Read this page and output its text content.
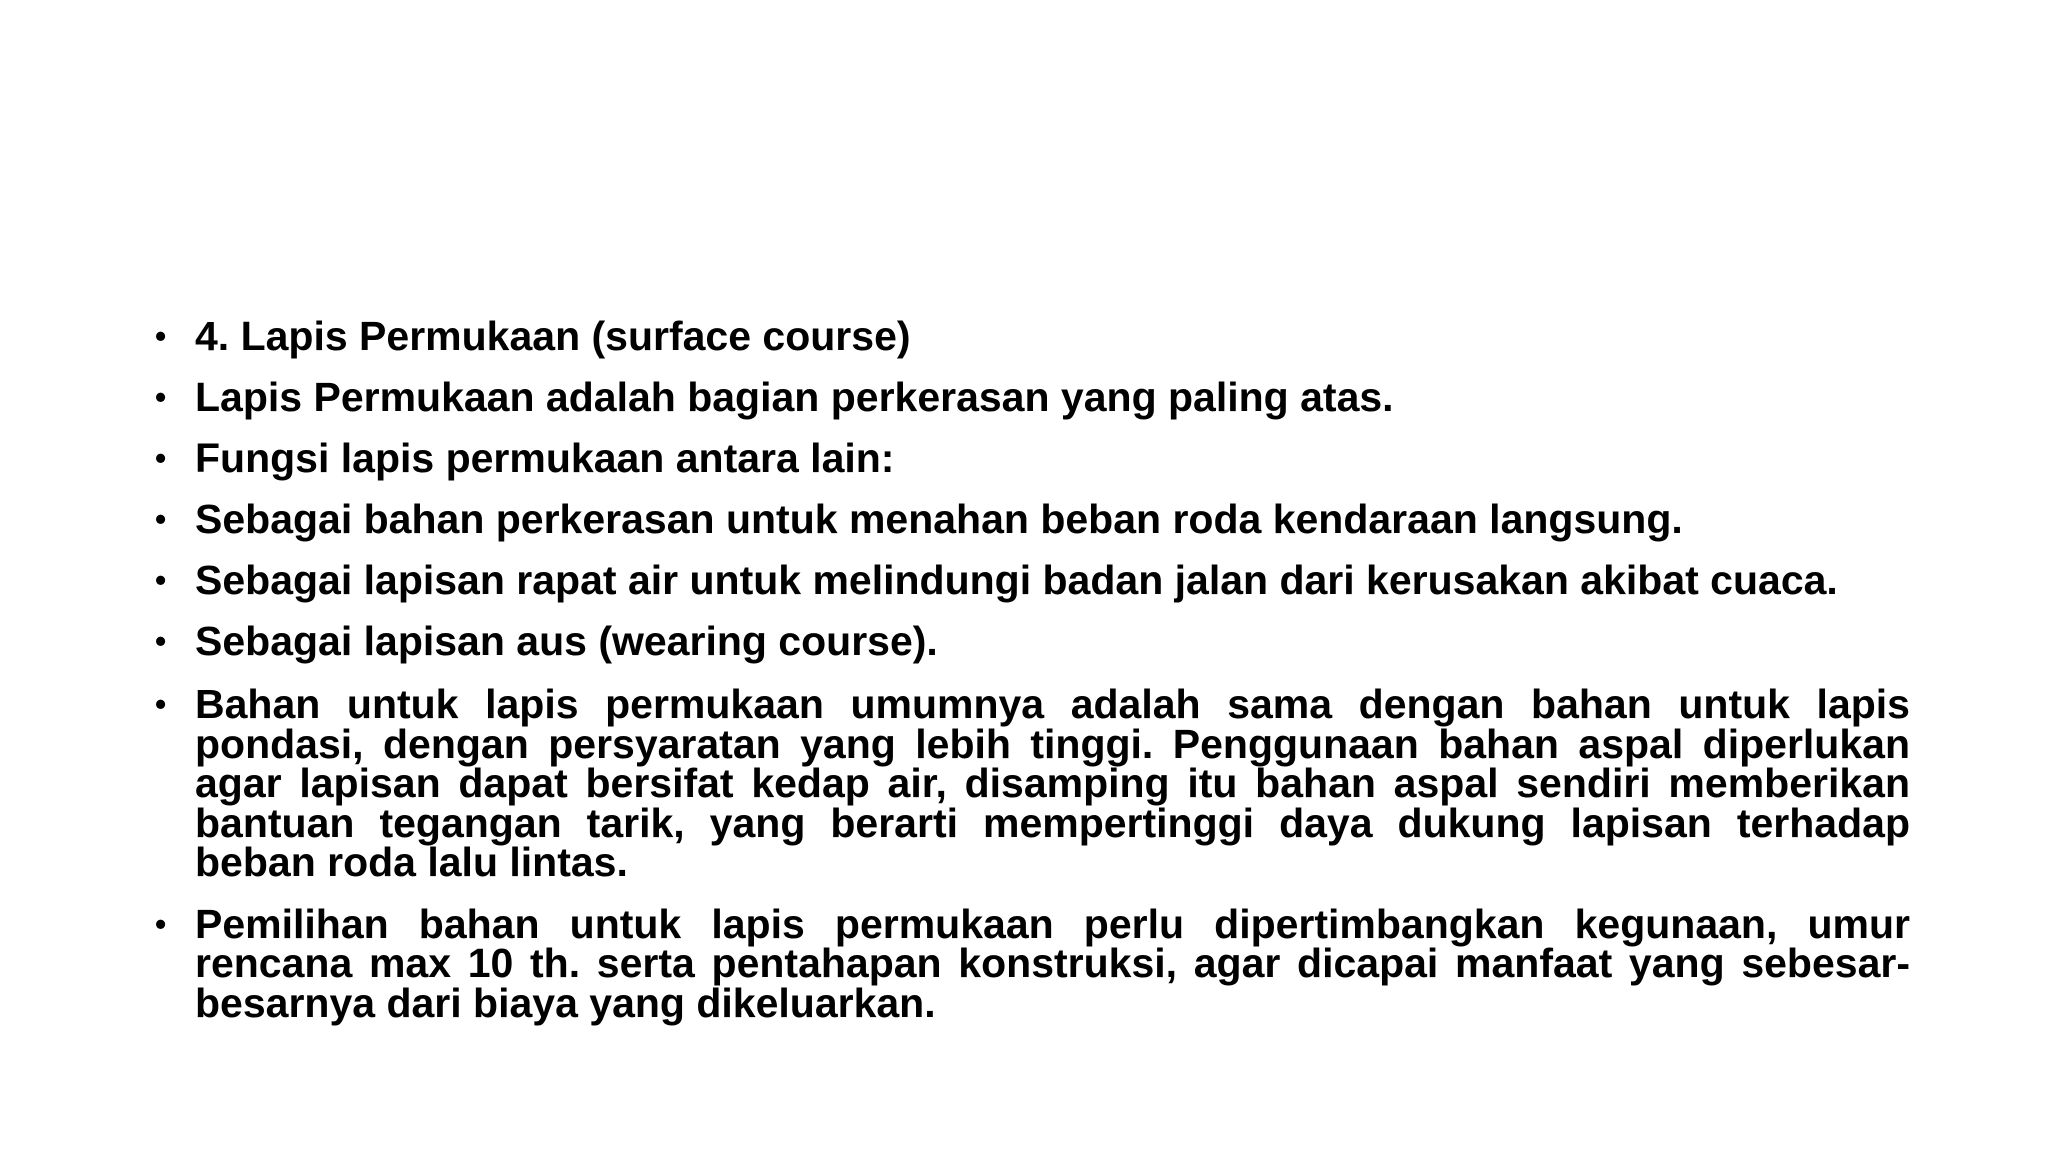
• 4. Lapis Permukaan (surface course)
• Lapis Permukaan adalah bagian perkerasan yang paling atas.
• Fungsi lapis permukaan antara lain:
• Sebagai bahan perkerasan untuk menahan beban roda kendaraan langsung.
• Sebagai lapisan rapat air untuk melindungi badan jalan dari kerusakan akibat cuaca.
• Sebagai lapisan aus (wearing course).
• Bahan untuk lapis permukaan umumnya adalah sama dengan bahan untuk lapis pondasi, dengan persyaratan yang lebih tinggi. Penggunaan bahan aspal diperlukan agar lapisan dapat bersifat kedap air, disamping itu bahan aspal sendiri memberikan bantuan tegangan tarik, yang berarti mempertinggi daya dukung lapisan terhadap beban roda lalu lintas.
• Pemilihan bahan untuk lapis permukaan perlu dipertimbangkan kegunaan, umur rencana max 10 th. serta pentahapan konstruksi, agar dicapai manfaat yang sebesar-besarnya dari biaya yang dikeluarkan.
